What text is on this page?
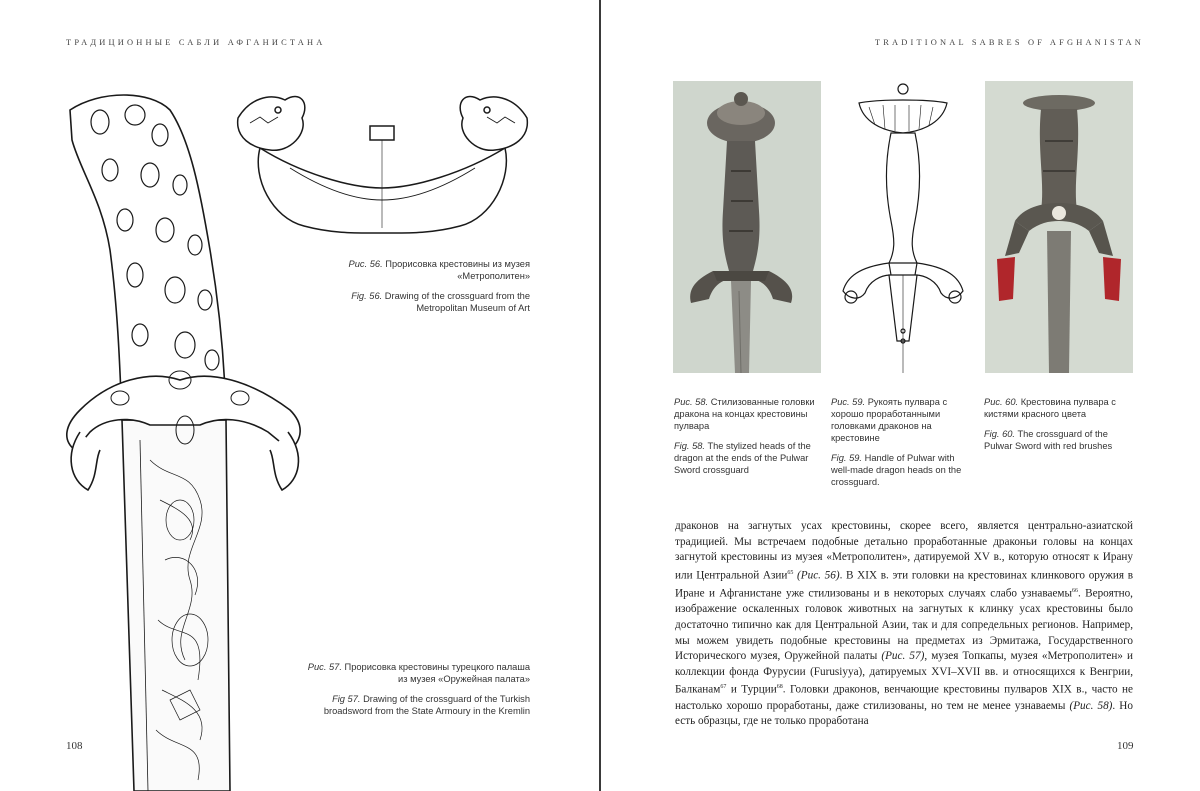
ТРАДИЦИОННЫЕ САБЛИ АФГАНИСТАНА
Рис. 56. Прорисовка крестовины из музея «Метрополитен»
Fig. 56. Drawing of the crossguard from the Metropolitan Museum of Art
Рис. 57. Прорисовка крестовины турецкого палаша из музея «Оружейная палата»
Fig 57. Drawing of the crossguard of the Turkish broadsword from the State Armoury in the Kremlin
108
TRADITIONAL SABRES OF AFGHANISTAN
Рис. 58. Стилизованные головки дракона на концах крестовины пулвара
Fig. 58. The stylized heads of the dragon at the ends of the Pulwar Sword crossguard
Рис. 59. Рукоять пулвара с хорошо проработанными головками драконов на крестовине
Fig. 59. Handle of Pulwar with well-made dragon heads on the crossguard.
Рис. 60. Крестовина пулвара с кистями красного цвета
Fig. 60. The crossguard of the Pulwar Sword with red brushes

драконов на загнутых усах крестовины, скорее всего, является центрально-азиатской традицией. Мы встречаем подобные детально проработанные драконьи головы на концах загнутой крестовины из музея «Метрополитен», датируемой XV в., которую относят к Ирану или Центральной Азии$^{65}$ (Рис. 56). В XIX в. эти головки на крестовинах клинкового оружия в Иране и Афганистане уже стилизованы и в некоторых случаях слабо узнаваемы$^{66}$. Вероятно, изображение оскаленных головок животных на загнутых к клинку усах крестовины было достаточно типично как для Центральной Азии, так и для сопредельных регионов. Например, мы можем увидеть подобные крестовины на предметах из Эрмитажа, Государственного Исторического музея, Оружейной палаты (Рис. 57), музея Топкапы, музея «Метрополитен» и коллекции фонда Фурусии (Furusiyya), датируемых XVI–XVII вв. и относящихся к Венгрии, Балканам$^{67}$ и Турции$^{68}$. Головки драконов, венчающие крестовины пулваров XIX в., часто не настолько хорошо проработаны, даже стилизованы, но тем не менее узнаваемы (Рис. 58). Но есть образцы, где не только проработана

109
